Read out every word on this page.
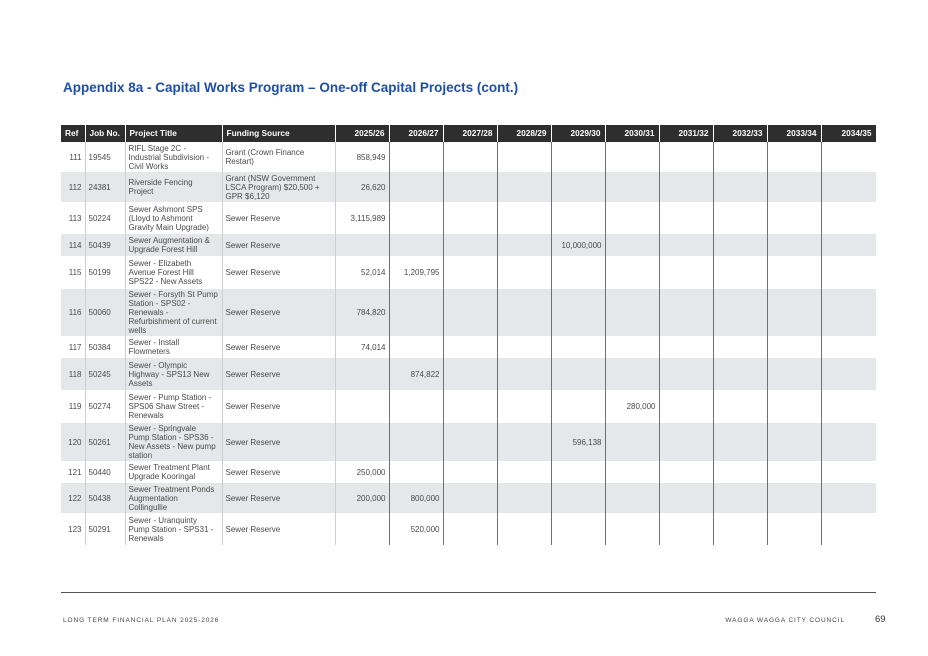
Appendix 8a - Capital Works Program – One-off Capital Projects (cont.)
Ref	Job No.	Project Title	Funding Source	2025/26	2026/27	2027/28	2028/29	2029/30	2030/31	2031/32	2032/33	2033/34	2034/35
111	19545	RIFL Stage 2C - Industrial Subdivision - Civil Works	Grant (Crown Finance Restart)	858,949									
112	24381	Riverside Fencing Project	Grant (NSW Government LSCA Program) $20,500 + GPR $6,120	26,620									
113	50224	Sewer Ashmont SPS (Lloyd to Ashmont Gravity Main Upgrade)	Sewer Reserve	3,115,989									
114	50439	Sewer Augmentation & Upgrade Forest Hill	Sewer Reserve					10,000,000					
115	50199	Sewer - Elizabeth Avenue Forest Hill SPS22 - New Assets	Sewer Reserve	52,014	1,209,795								
116	50060	Sewer - Forsyth St Pump Station - SPS02 - Renewals - Refurbishment of current wells	Sewer Reserve	784,820									
117	50384	Sewer - Install Flowmeters	Sewer Reserve	74,014									
118	50245	Sewer - Olympic Highway - SPS13 New Assets	Sewer Reserve		874,822								
119	50274	Sewer - Pump Station - SPS06 Shaw Street - Renewals	Sewer Reserve						280,000				
120	50261	Sewer - Springvale Pump Station - SPS36 - New Assets - New pump station	Sewer Reserve					596,138					
121	50440	Sewer Treatment Plant Upgrade Kooringal	Sewer Reserve	250,000									
122	50438	Sewer Treatment Ponds Augmentation Collingullie	Sewer Reserve	200,000	800,000								
123	50291	Sewer - Uranquinty Pump Station - SPS31 - Renewals	Sewer Reserve		520,000								
LONG TERM FINANCIAL PLAN 2025-2026	WAGGA WAGGA CITY COUNCIL	69
